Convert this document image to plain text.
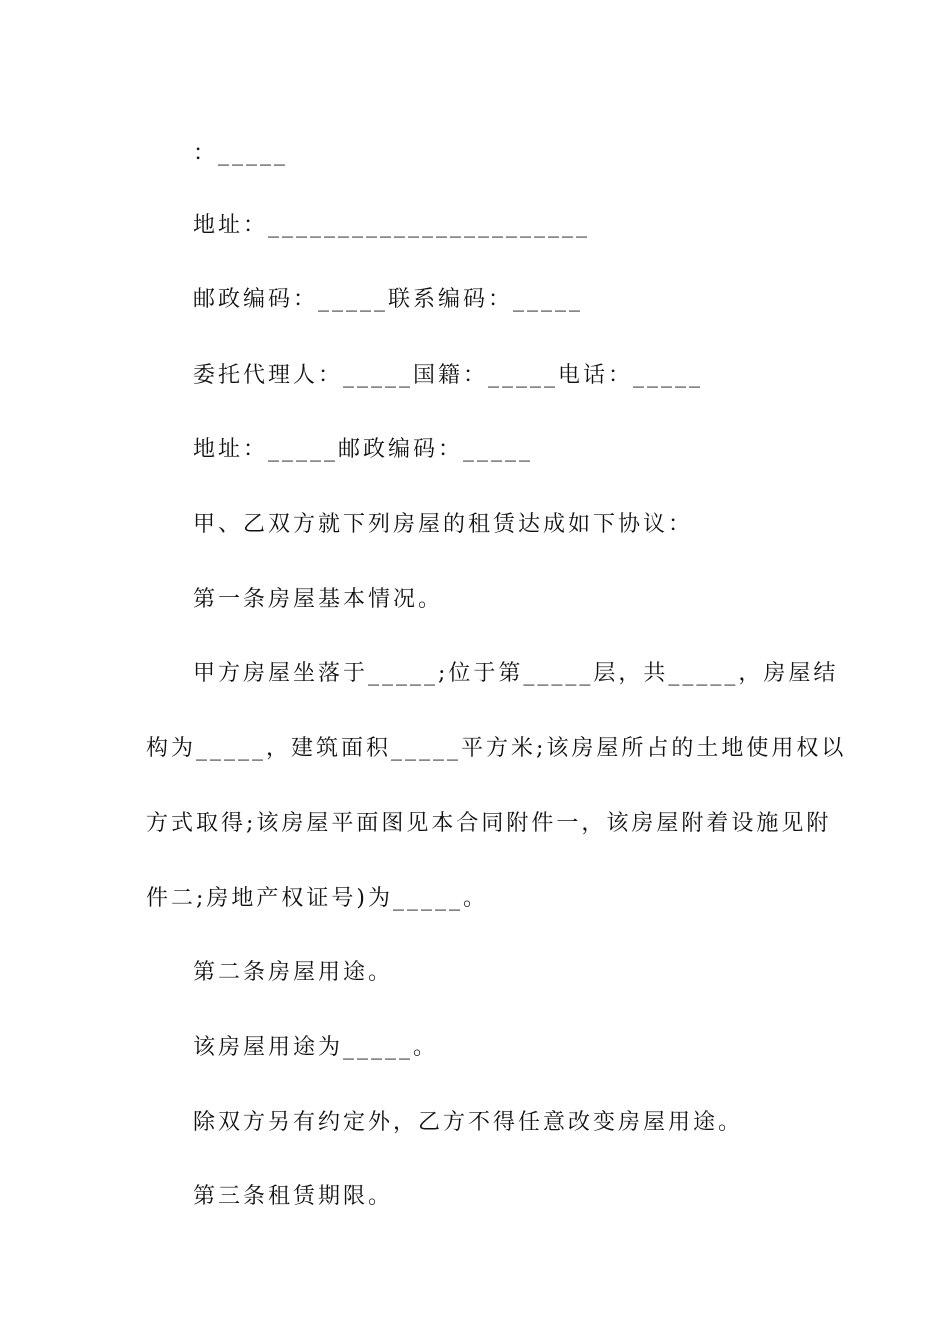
：_____
地址：_______________________
邮政编码：_____联系编码：_____
委托代理人：_____国籍：_____电话：_____
地址：_____邮政编码：_____
甲、乙双方就下列房屋的租赁达成如下协议：
第一条房屋基本情况。
甲方房屋坐落于_____;位于第_____层，共_____，房屋结
构为_____，建筑面积_____平方米;该房屋所占的土地使用权以
方式取得;该房屋平面图见本合同附件一，该房屋附着设施见附
件二;房地产权证号)为_____。
第二条房屋用途。
该房屋用途为_____。
除双方另有约定外，乙方不得任意改变房屋用途。
第三条租赁期限。
